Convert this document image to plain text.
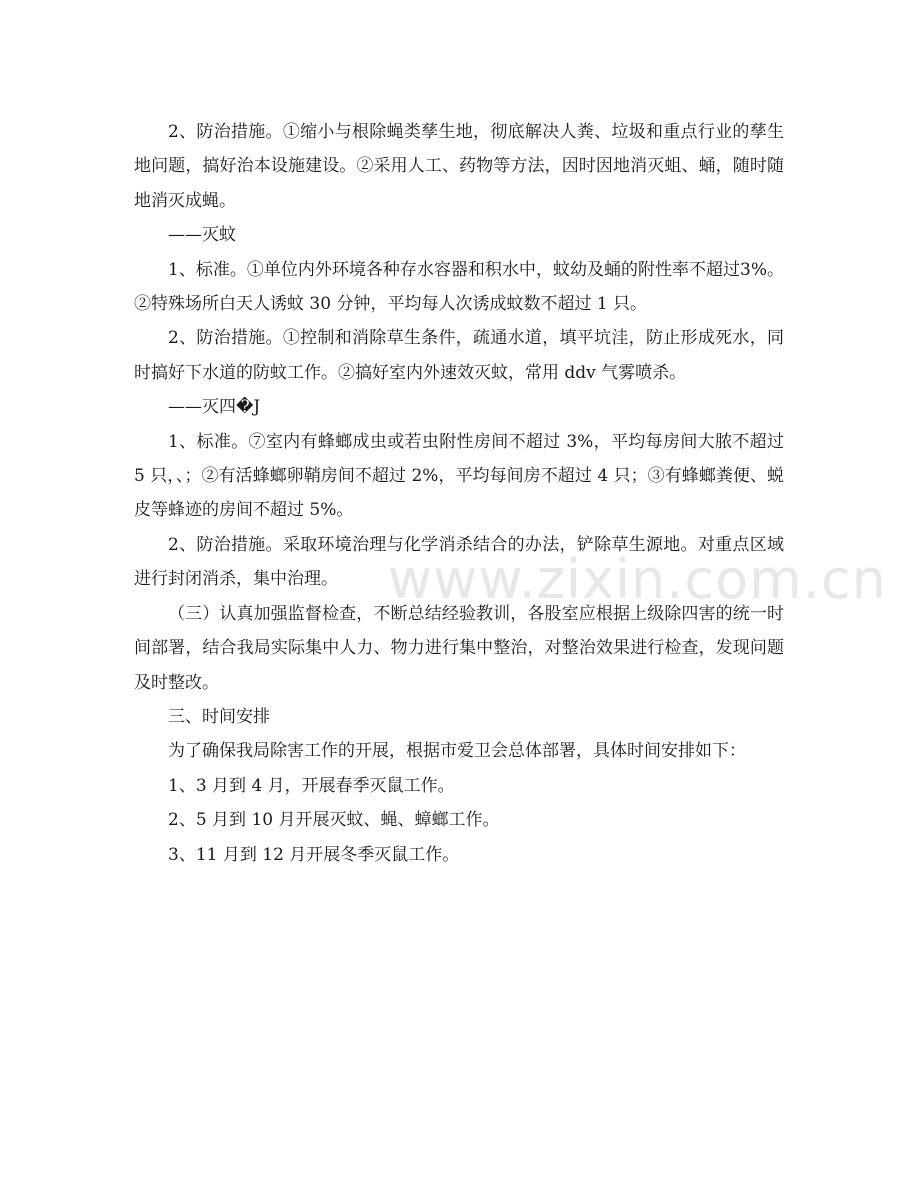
2、防治措施。①缩小与根除蝇类孳生地，彻底解决人粪、垃圾和重点行业的孳生地问题，搞好治本设施建设。②采用人工、药物等方法，因时因地消灭蛆、蛹，随时随地消灭成蝇。

——灭蚊

1、标准。①单位内外环境各种存水容器和积水中，蚊幼及蛹的附性率不超过3%。②特殊场所白天人诱蚊 30 分钟，平均每人次诱成蚊数不超过 1 只。

2、防治措施。①控制和消除草生条件，疏通水道，填平坑洼，防止形成死水，同时搞好下水道的防蚊工作。②搞好室内外速效灭蚊，常用 ddv 气雾喷杀。

——灭四�J

1、标准。⑦室内有蜂螂成虫或若虫附性房间不超过 3%，平均每房间大脓不超过 5 只，、；②有活蜂螂卵鞘房间不超过 2%，平均每间房不超过 4 只；③有蜂螂粪便、蜕皮等蜂迹的房间不超过 5%。

2、防治措施。采取环境治理与化学消杀结合的办法，铲除草生源地。对重点区域进行封闭消杀，集中治理。

（三）认真加强监督检查，不断总结经验教训，各股室应根据上级除四害的统一时间部署，结合我局实际集中人力、物力进行集中整治，对整治效果进行检查，发现问题及时整改。

三、时间安排

为了确保我局除害工作的开展，根据市爱卫会总体部署，具体时间安排如下：

1、3 月到 4 月，开展春季灭鼠工作。

2、5 月到 10 月开展灭蚊、蝇、蟑螂工作。

3、11 月到 12 月开展冬季灭鼠工作。

www.zixin.com.cn
